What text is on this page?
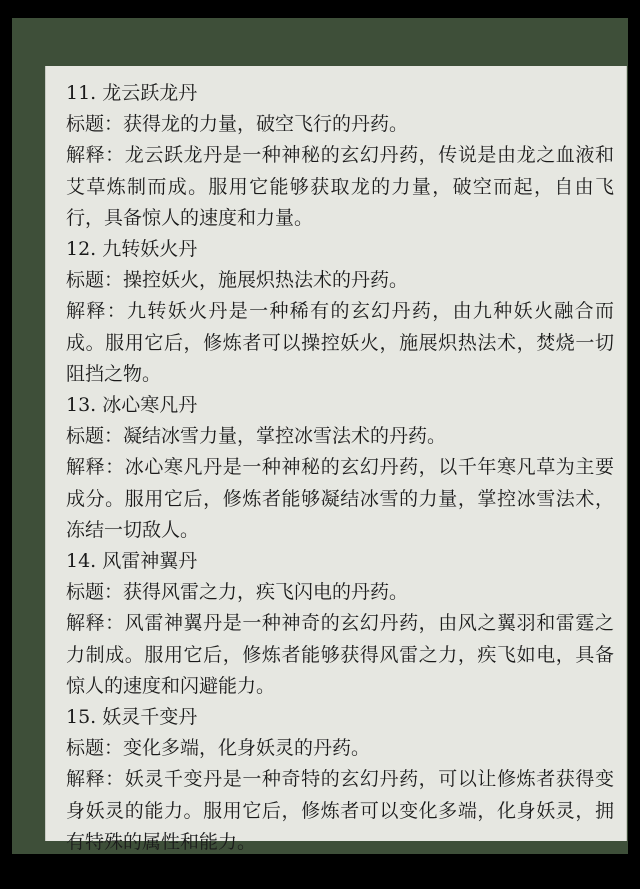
11. 龙云跃龙丹

标题：获得龙的力量，破空飞行的丹药。

解释：龙云跃龙丹是一种神秘的玄幻丹药，传说是由龙之血液和艾草炼制而成。服用它能够获取龙的力量，破空而起，自由飞行，具备惊人的速度和力量。

12. 九转妖火丹

标题：操控妖火，施展炽热法术的丹药。

解释：九转妖火丹是一种稀有的玄幻丹药，由九种妖火融合而成。服用它后，修炼者可以操控妖火，施展炽热法术，焚烧一切阻挡之物。

13. 冰心寒凡丹

标题：凝结冰雪力量，掌控冰雪法术的丹药。

解释：冰心寒凡丹是一种神秘的玄幻丹药，以千年寒凡草为主要成分。服用它后，修炼者能够凝结冰雪的力量，掌控冰雪法术，冻结一切敌人。

14. 风雷神翼丹

标题：获得风雷之力，疾飞闪电的丹药。

解释：风雷神翼丹是一种神奇的玄幻丹药，由风之翼羽和雷霆之力制成。服用它后，修炼者能够获得风雷之力，疾飞如电，具备惊人的速度和闪避能力。

15. 妖灵千变丹

标题：变化多端，化身妖灵的丹药。

解释：妖灵千变丹是一种奇特的玄幻丹药，可以让修炼者获得变身妖灵的能力。服用它后，修炼者可以变化多端，化身妖灵，拥有特殊的属性和能力。
